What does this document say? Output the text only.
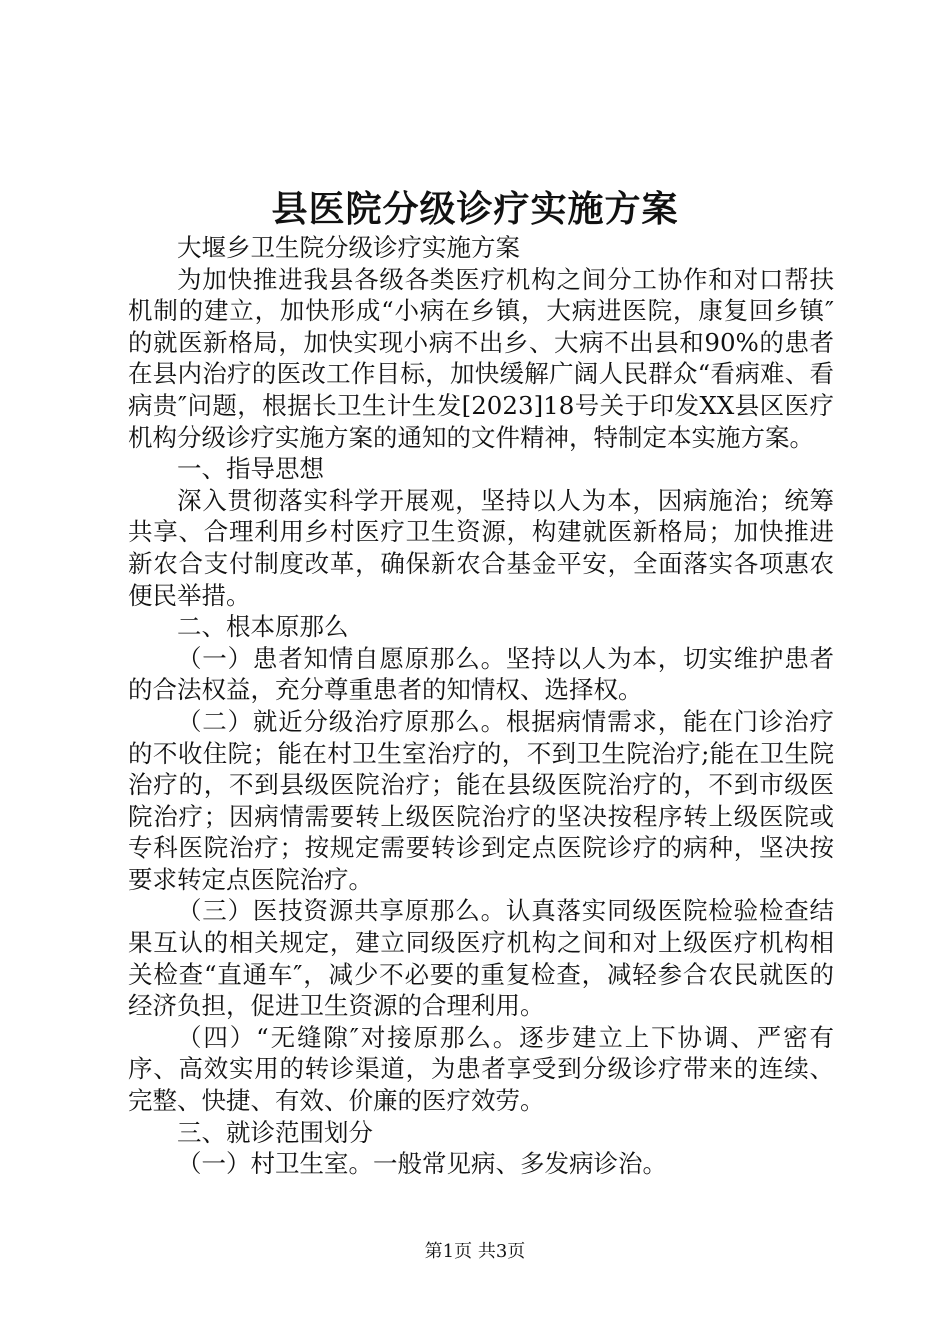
县医院分级诊疗实施方案

大堰乡卫生院分级诊疗实施方案

为加快推进我县各级各类医疗机构之间分工协作和对口帮扶机制的建立，加快形成“小病在乡镇，大病进医院，康复回乡镇″的就医新格局，加快实现小病不出乡、大病不出县和90%的患者在县内治疗的医改工作目标，加快缓解广阔人民群众“看病难、看病贵″问题，根据长卫生计生发[2023]18号关于印发XX县区医疗机构分级诊疗实施方案的通知的文件精神，特制定本实施方案。

一、指导思想

深入贯彻落实科学开展观，坚持以人为本，因病施治；统筹共享、合理利用乡村医疗卫生资源，构建就医新格局；加快推进新农合支付制度改革，确保新农合基金平安，全面落实各项惠农便民举措。

二、根本原那么

（一）患者知情自愿原那么。坚持以人为本，切实维护患者的合法权益，充分尊重患者的知情权、选择权。

（二）就近分级治疗原那么。根据病情需求，能在门诊治疗的不收住院；能在村卫生室治疗的，不到卫生院治疗;能在卫生院治疗的，不到县级医院治疗；能在县级医院治疗的，不到市级医院治疗；因病情需要转上级医院治疗的坚决按程序转上级医院或专科医院治疗；按规定需要转诊到定点医院诊疗的病种，坚决按要求转定点医院治疗。

（三）医技资源共享原那么。认真落实同级医院检验检查结果互认的相关规定，建立同级医疗机构之间和对上级医疗机构相关检查“直通车″，减少不必要的重复检查，减轻参合农民就医的经济负担，促进卫生资源的合理利用。

（四）“无缝隙″对接原那么。逐步建立上下协调、严密有序、高效实用的转诊渠道，为患者享受到分级诊疗带来的连续、完整、快捷、有效、价廉的医疗效劳。

三、就诊范围划分

（一）村卫生室。一般常见病、多发病诊治。

第1页 共3页
